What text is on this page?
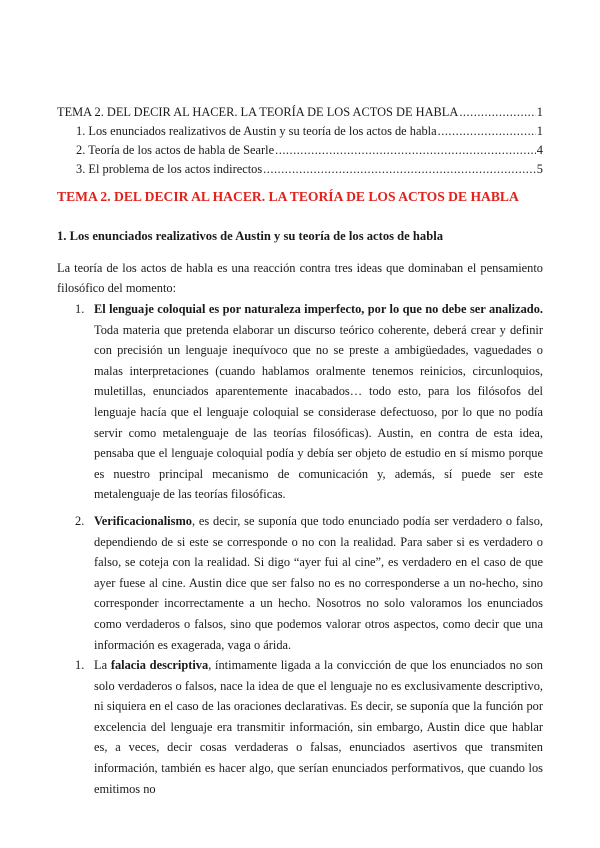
TEMA 2. DEL DECIR AL HACER. LA TEORÍA DE LOS ACTOS DE HABLA .....	1
1. Los enunciados realizativos de Austin y su teoría de los actos de habla .....	1
2. Teoría de los actos de habla de Searle .....	4
3. El problema de los actos indirectos .....	5
TEMA 2. DEL DECIR AL HACER. LA TEORÍA DE LOS ACTOS DE HABLA
1. Los enunciados realizativos de Austin y su teoría de los actos de habla

La teoría de los actos de habla es una reacción contra tres ideas que dominaban el pensamiento filosófico del momento:

1. El lenguaje coloquial es por naturaleza imperfecto, por lo que no debe ser analizado. Toda materia que pretenda elaborar un discurso teórico coherente, deberá crear y definir con precisión un lenguaje inequívoco que no se preste a ambigüedades, vaguedades o malas interpretaciones (cuando hablamos oralmente tenemos reinicios, circunloquios, muletillas, enunciados aparentemente inacabados… todo esto, para los filósofos del lenguaje hacía que el lenguaje coloquial se considerase defectuoso, por lo que no podía servir como metalenguaje de las teorías filosóficas). Austin, en contra de esta idea, pensaba que el lenguaje coloquial podía y debía ser objeto de estudio en sí mismo porque es nuestro principal mecanismo de comunicación y, además, sí puede ser este metalenguaje de las teorías filosóficas.
2. Verificacionalismo, es decir, se suponía que todo enunciado podía ser verdadero o falso, dependiendo de si este se corresponde o no con la realidad. Para saber si es verdadero o falso, se coteja con la realidad. Si digo “ayer fui al cine”, es verdadero en el caso de que ayer fuese al cine. Austin dice que ser falso no es no corresponderse a un no-hecho, sino corresponder incorrectamente a un hecho. Nosotros no solo valoramos los enunciados como verdaderos o falsos, sino que podemos valorar otros aspectos, como decir que una información es exagerada, vaga o árida.
1. La falacia descriptiva, íntimamente ligada a la convicción de que los enunciados no son solo verdaderos o falsos, nace la idea de que el lenguaje no es exclusivamente descriptivo, ni siquiera en el caso de las oraciones declarativas. Es decir, se suponía que la función por excelencia del lenguaje era transmitir información, sin embargo, Austin dice que hablar es, a veces, decir cosas verdaderas o falsas, enunciados asertivos que transmiten información, también es hacer algo, que serían enunciados performativos, que cuando los emitimos no
